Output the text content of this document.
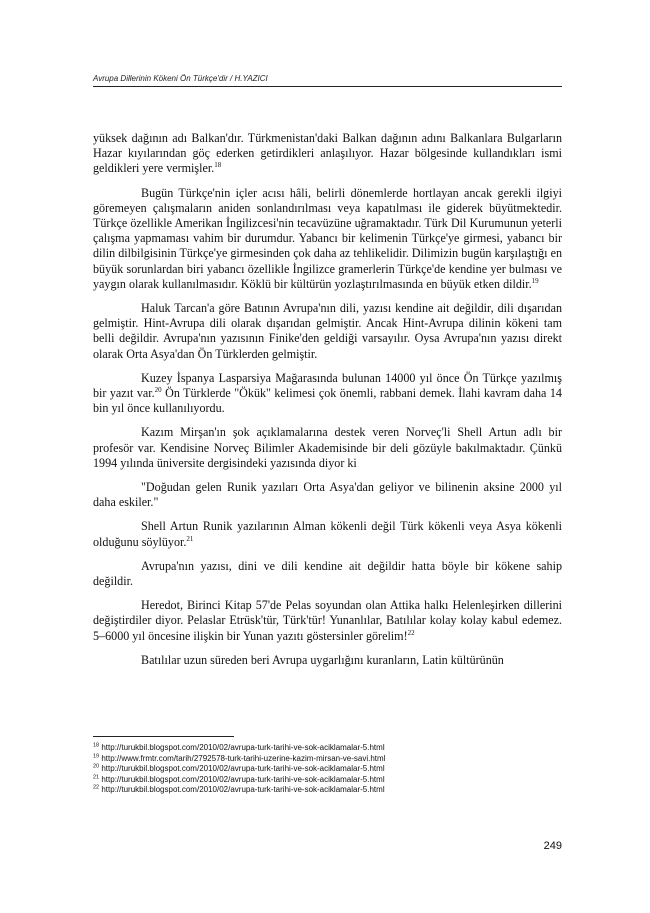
Avrupa Dillerinin Kökeni Ön Türkçe'dir / H.YAZICI

yüksek dağının adı Balkan'dır. Türkmenistan'daki Balkan dağının adını Balkanlara Bulgarların Hazar kıyılarından göç ederken getirdikleri anlaşılıyor. Hazar bölgesinde kullandıkları ismi geldikleri yere vermişler.$^{18}$

Bugün Türkçe'nin içler acısı hâli, belirli dönemlerde hortlayan ancak gerekli ilgiyi göremeyen çalışmaların aniden sonlandırılması veya kapatılması ile giderek büyütmektedir. Türkçe özellikle Amerikan İngilizcesi'nin tecavüzüne uğramaktadır. Türk Dil Kurumunun yeterli çalışma yapmaması vahim bir durumdur. Yabancı bir kelimenin Türkçe'ye girmesi, yabancı bir dilin dilbilgisinin Türkçe'ye girmesinden çok daha az tehlikelidir. Dilimizin bugün karşılaştığı en büyük sorunlardan biri yabancı özellikle İngilizce gramerlerin Türkçe'de kendine yer bulması ve yaygın olarak kullanılmasıdır. Köklü bir kültürün yozlaştırılmasında en büyük etken dildir.$^{19}$

Haluk Tarcan'a göre Batının Avrupa'nın dili, yazısı kendine ait değildir, dili dışarıdan gelmiştir. Hint-Avrupa dili olarak dışarıdan gelmiştir. Ancak Hint-Avrupa dilinin kökeni tam belli değildir. Avrupa'nın yazısının Finike'den geldiği varsayılır. Oysa Avrupa'nın yazısı direkt olarak Orta Asya'dan Ön Türklerden gelmiştir.

Kuzey İspanya Lasparsiya Mağarasında bulunan 14000 yıl önce Ön Türkçe yazılmış bir yazıt var.$^{20}$ Ön Türklerde "Ökük" kelimesi çok önemli, rabbani demek. İlahi kavram daha 14 bin yıl önce kullanılıyordu.

Kazım Mirşan'ın şok açıklamalarına destek veren Norveç'li Shell Artun adlı bir profesör var. Kendisine Norveç Bilimler Akademisinde bir deli gözüyle bakılmaktadır. Çünkü 1994 yılında üniversite dergisindeki yazısında diyor ki

"Doğudan gelen Runik yazıları Orta Asya'dan geliyor ve bilinenin aksine 2000 yıl daha eskiler."

Shell Artun Runik yazılarının Alman kökenli değil Türk kökenli veya Asya kökenli olduğunu söylüyor.$^{21}$

Avrupa'nın yazısı, dini ve dili kendine ait değildir hatta böyle bir kökene sahip değildir.

Heredot, Birinci Kitap 57'de Pelas soyundan olan Attika halkı Helenleşirken dillerini değiştirdiler diyor. Pelaslar Etrüsk'tür, Türk'tür! Yunanlılar, Batılılar kolay kolay kabul edemez. 5–6000 yıl öncesine ilişkin bir Yunan yazıtı göstersinler görelim!$^{22}$

Batılılar uzun süreden beri Avrupa uygarlığını kuranların, Latin kültürünün

$^{18}$ http://turukbil.blogspot.com/2010/02/avrupa-turk-tarihi-ve-sok-aciklamalar-5.html
$^{19}$ http://www.frmtr.com/tarih/2792578-turk-tarihi-uzerine-kazim-mirsan-ve-savi.html
$^{20}$ http://turukbil.blogspot.com/2010/02/avrupa-turk-tarihi-ve-sok-aciklamalar-5.html
$^{21}$ http://turukbil.blogspot.com/2010/02/avrupa-turk-tarihi-ve-sok-aciklamalar-5.html
$^{22}$ http://turukbil.blogspot.com/2010/02/avrupa-turk-tarihi-ve-sok-aciklamalar-5.html
249
